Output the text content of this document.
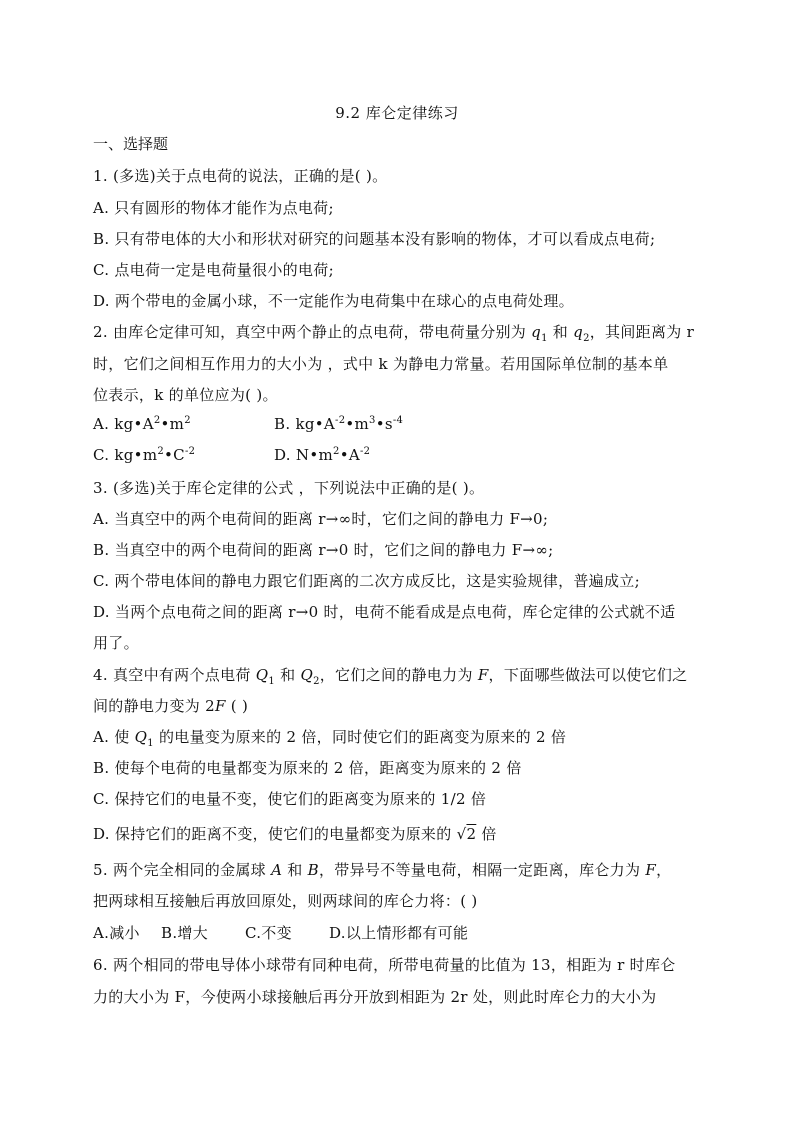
9.2 库仑定律练习
一、选择题
1. (多选)关于点电荷的说法，正确的是( )。
A. 只有圆形的物体才能作为点电荷;
B. 只有带电体的大小和形状对研究的问题基本没有影响的物体，才可以看成点电荷;
C. 点电荷一定是电荷量很小的电荷;
D. 两个带电的金属小球，不一定能作为电荷集中在球心的点电荷处理。
2. 由库仑定律可知，真空中两个静止的点电荷，带电荷量分别为 $q_1$ 和 $q_2$，其间距离为 r
时，它们之间相互作用力的大小为 ，式中 k 为静电力常量。若用国际单位制的基本单
位表示，k 的单位应为( )。
A. $kg•A^2•m^2$	B. $kg•A^{-2}•m^3•s^{-4}$
C. $kg•m^2•C^{-2}$	D. $N•m^2•A^{-2}$
3. (多选)关于库仑定律的公式 ，下列说法中正确的是( )。
A. 当真空中的两个电荷间的距离 r→∞时，它们之间的静电力 F→0;
B. 当真空中的两个电荷间的距离 r→0 时，它们之间的静电力 F→∞;
C. 两个带电体间的静电力跟它们距离的二次方成反比，这是实验规律，普遍成立;
D. 当两个点电荷之间的距离 r→0 时，电荷不能看成是点电荷，库仑定律的公式就不适
用了。
4. 真空中有两个点电荷 $Q_1$ 和 $Q_2$，它们之间的静电力为 F，下面哪些做法可以使它们之
间的静电力变为 2F ( )
A. 使 $Q_1$ 的电量变为原来的 2 倍，同时使它们的距离变为原来的 2 倍
B. 使每个电荷的电量都变为原来的 2 倍，距离变为原来的 2 倍
C. 保持它们的电量不变，使它们的距离变为原来的 1/2 倍
D. 保持它们的距离不变，使它们的电量都变为原来的 √2 倍
5. 两个完全相同的金属球 A 和 B，带异号不等量电荷，相隔一定距离，库仑力为 F，
把两球相互接触后再放回原处，则两球间的库仑力将：( )
A.减小 B.增大 C.不变 D.以上情形都有可能
6. 两个相同的带电导体小球带有同种电荷，所带电荷量的比值为 13，相距为 r 时库仑
力的大小为 F，今使两小球接触后再分开放到相距为 2r 处，则此时库仑力的大小为
